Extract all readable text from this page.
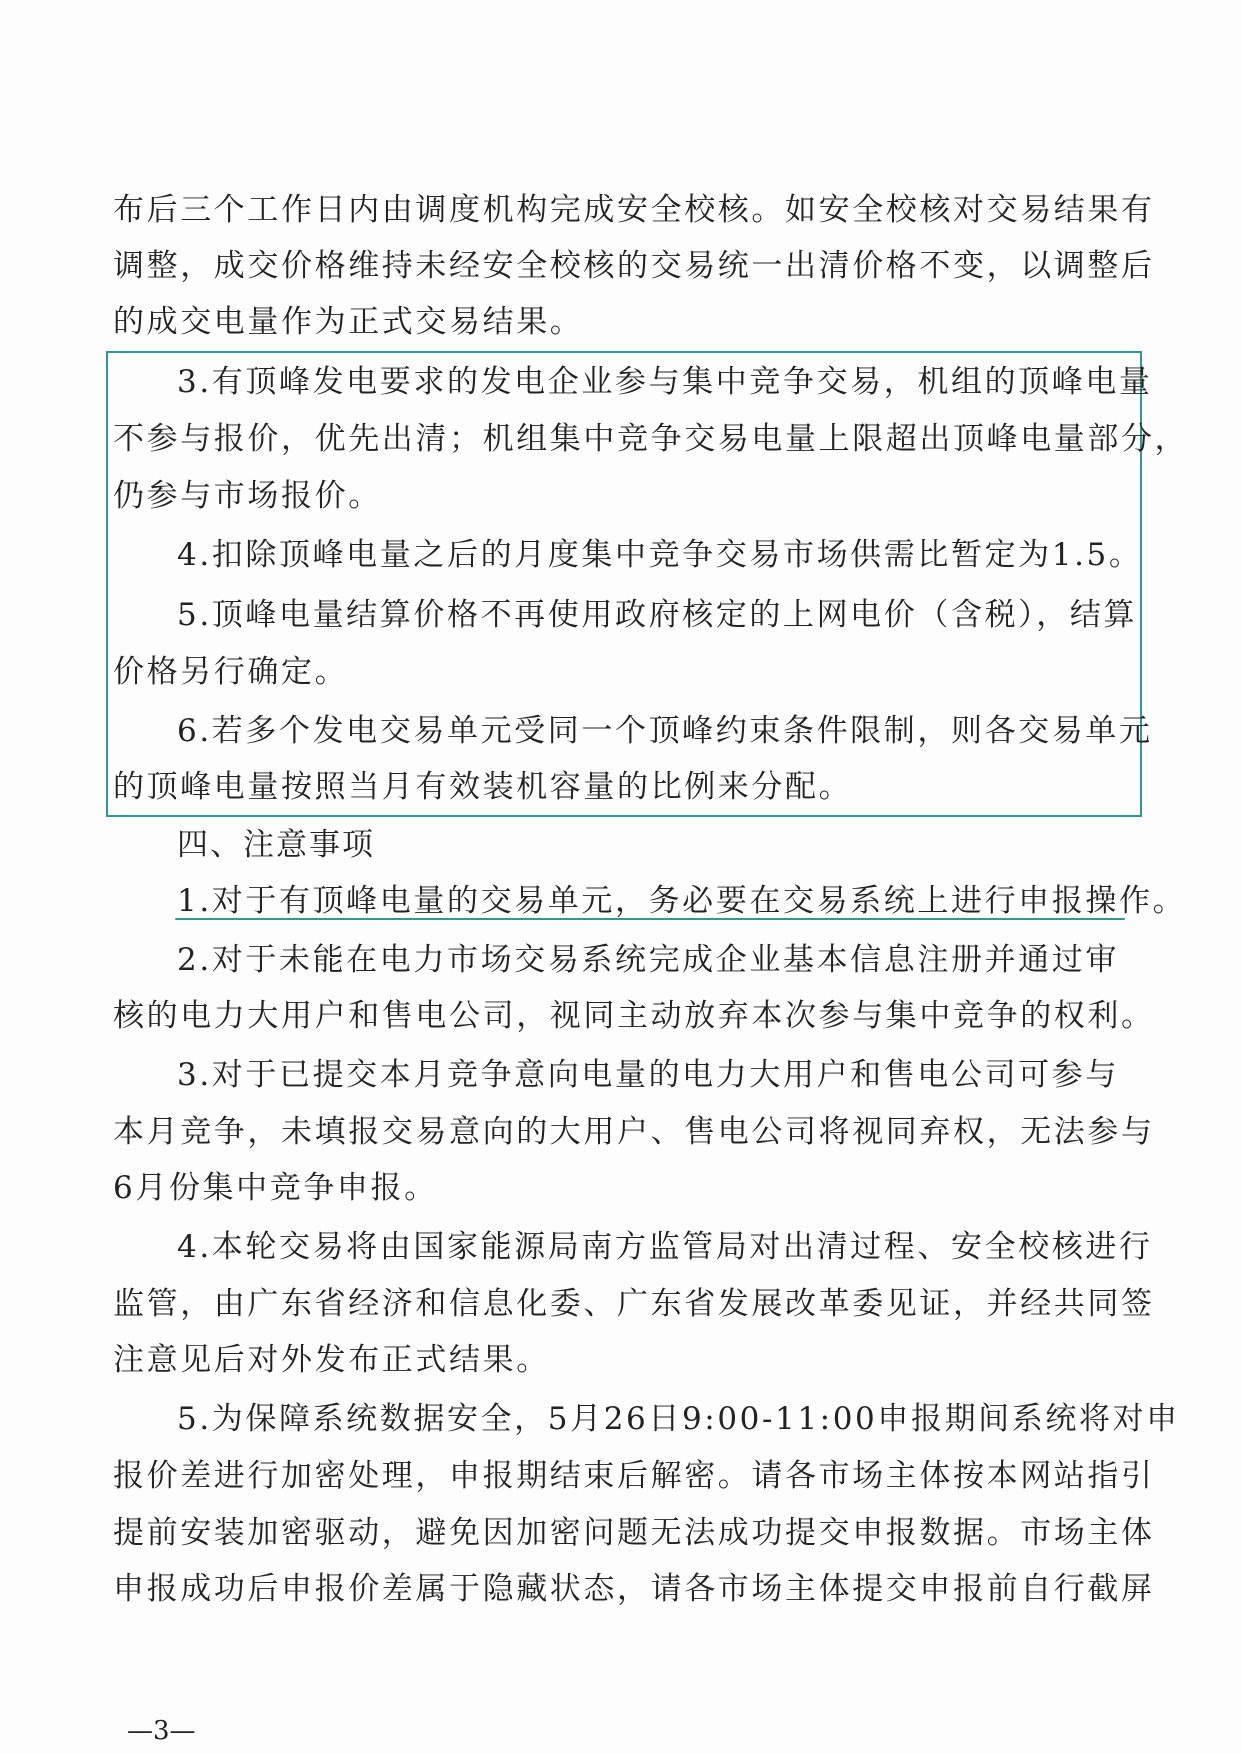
布后三个工作日内由调度机构完成安全校核。如安全校核对交易结果有
调整，成交价格维持未经安全校核的交易统一出清价格不变，以调整后
的成交电量作为正式交易结果。
3.有顶峰发电要求的发电企业参与集中竞争交易，机组的顶峰电量
不参与报价，优先出清；机组集中竞争交易电量上限超出顶峰电量部分，
仍参与市场报价。
4.扣除顶峰电量之后的月度集中竞争交易市场供需比暂定为1.5。
5.顶峰电量结算价格不再使用政府核定的上网电价（含税），结算
价格另行确定。
6.若多个发电交易单元受同一个顶峰约束条件限制，则各交易单元
的顶峰电量按照当月有效装机容量的比例来分配。
四、注意事项
1.对于有顶峰电量的交易单元，务必要在交易系统上进行申报操作。
2.对于未能在电力市场交易系统完成企业基本信息注册并通过审
核的电力大用户和售电公司，视同主动放弃本次参与集中竞争的权利。
3.对于已提交本月竞争意向电量的电力大用户和售电公司可参与
本月竞争，未填报交易意向的大用户、售电公司将视同弃权，无法参与
6月份集中竞争申报。
4.本轮交易将由国家能源局南方监管局对出清过程、安全校核进行
监管，由广东省经济和信息化委、广东省发展改革委见证，并经共同签
注意见后对外发布正式结果。
5.为保障系统数据安全，5月26日9:00-11:00申报期间系统将对申
报价差进行加密处理，申报期结束后解密。请各市场主体按本网站指引
提前安装加密驱动，避免因加密问题无法成功提交申报数据。市场主体
申报成功后申报价差属于隐藏状态，请各市场主体提交申报前自行截屏
—3—
